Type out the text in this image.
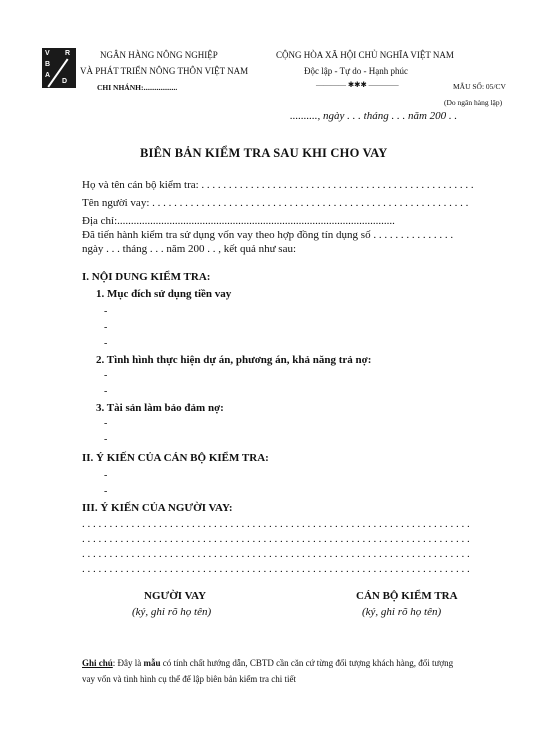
V
B
A
R
D
NGÂN HÀNG NÔNG NGHIỆP
VÀ PHÁT TRIỂN NÔNG THÔN VIỆT NAM
CHI NHÁNH:..................
CỘNG HÒA XÃ HỘI CHỦ NGHĨA VIỆT NAM
Độc lập - Tự do - Hạnh phúc
———— ✱✱✱ ————	MẪU SỐ: 05/CV
(Do ngân hàng lập)
.........., ngày . . . tháng . . . năm 200 . .
BIÊN BẢN KIỂM TRA SAU KHI CHO VAY
Họ và tên cán bộ kiểm tra: . . . . . . . . . . . . . . . . . . . . . . . . . . . . . . . . . . . . . . . . . . . . . . . . . .
Tên người vay: . . . . . . . . . . . . . . . . . . . . . . . . . . . . . . . . . . . . . . . . . . . . . . . . . . . . . . . . . .
Địa chỉ:.....................................................................................................
Đã tiến hành kiểm tra sử dụng vốn vay theo hợp đồng tín dụng số . . . . . . . . . . . . . . .
ngày . . . tháng . . . năm 200 . . , kết quả như sau:
I. NỘI DUNG KIỂM TRA:
1. Mục đích sử dụng tiền vay
-
-
-
2. Tình hình thực hiện dự án, phương án, khả năng trả nợ:
-
-
3. Tài sản làm bảo đảm nợ:
-
-
II. Ý KIẾN CỦA CÁN BỘ KIỂM TRA:
-
-
III. Ý KIẾN CỦA NGƯỜI VAY:
. . . . . . . . . . . . . . . . . . . . . . . . . . . . . . . . . . . . . . . . . . . . . . . . . . . . . . . . . . . . . . . . . . . . . . .
. . . . . . . . . . . . . . . . . . . . . . . . . . . . . . . . . . . . . . . . . . . . . . . . . . . . . . . . . . . . . . . . . . . . . . .
. . . . . . . . . . . . . . . . . . . . . . . . . . . . . . . . . . . . . . . . . . . . . . . . . . . . . . . . . . . . . . . . . . . . . . .
. . . . . . . . . . . . . . . . . . . . . . . . . . . . . . . . . . . . . . . . . . . . . . . . . . . . . . . . . . . . . . . . . . . . . . .
NGƯỜI VAY
(ký, ghi rõ họ tên)
CÁN BỘ KIỂM TRA
(ký, ghi rõ họ tên)
Ghi chú: Đây là mẫu có tính chất hướng dẫn, CBTD cần căn cứ từng đối tượng khách hàng, đối tượng
vay vốn và tình hình cụ thể để lập biên bản kiểm tra chi tiết
